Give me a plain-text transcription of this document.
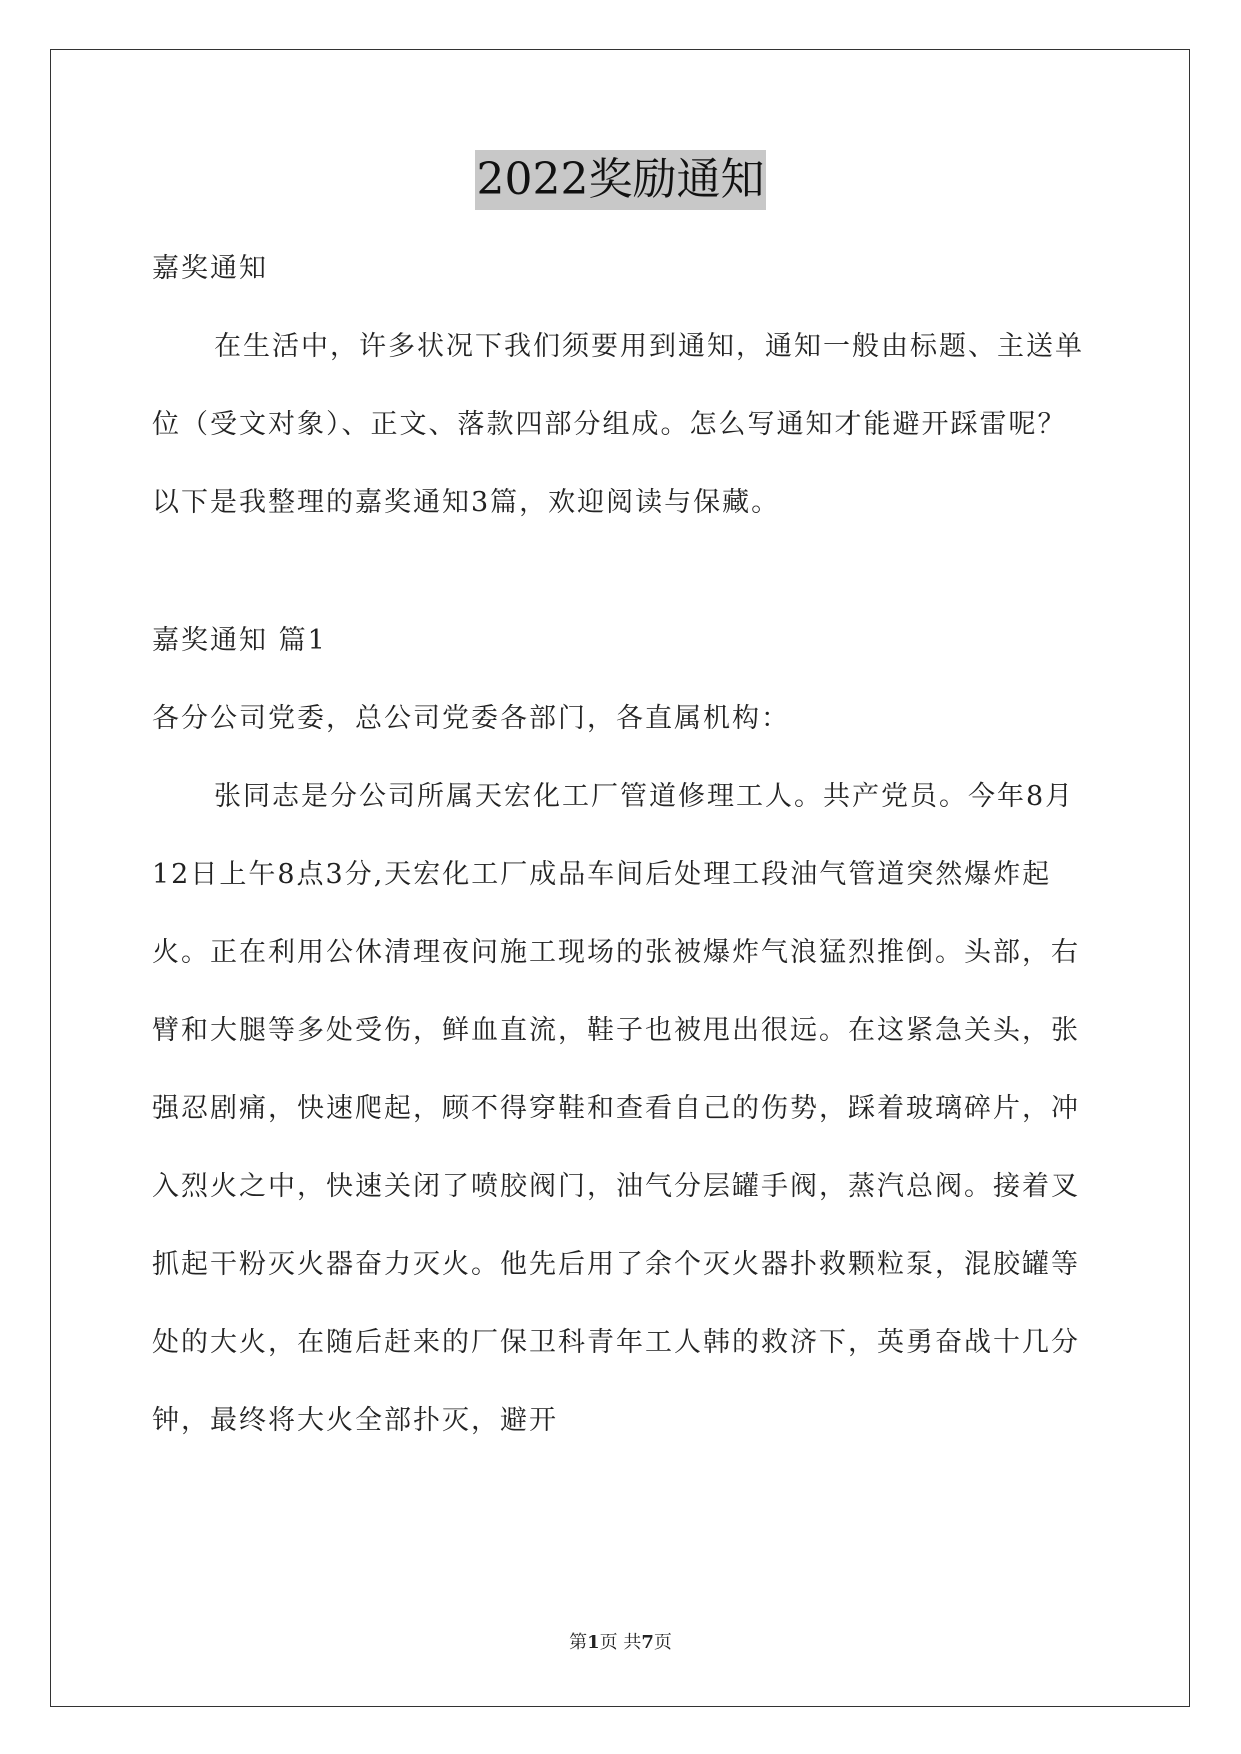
2022奖励通知

嘉奖通知

在生活中，许多状况下我们须要用到通知，通知一般由标题、主送单位（受文对象）、正文、落款四部分组成。怎么写通知才能避开踩雷呢？以下是我整理的嘉奖通知3篇，欢迎阅读与保藏。

嘉奖通知 篇1

各分公司党委，总公司党委各部门，各直属机构：

张同志是分公司所属天宏化工厂管道修理工人。共产党员。今年8月12日上午8点3分,天宏化工厂成品车间后处理工段油气管道突然爆炸起火。正在利用公休清理夜问施工现场的张被爆炸气浪猛烈推倒。头部，右臂和大腿等多处受伤，鲜血直流，鞋子也被甩出很远。在这紧急关头，张强忍剧痛，快速爬起，顾不得穿鞋和查看自己的伤势，踩着玻璃碎片，冲入烈火之中，快速关闭了喷胶阀门，油气分层罐手阀，蒸汽总阀。接着叉抓起干粉灭火器奋力灭火。他先后用了余个灭火器扑救颗粒泵，混胶罐等处的大火，在随后赶来的厂保卫科青年工人韩的救济下，英勇奋战十几分钟，最终将大火全部扑灭，避开

第1页 共7页
